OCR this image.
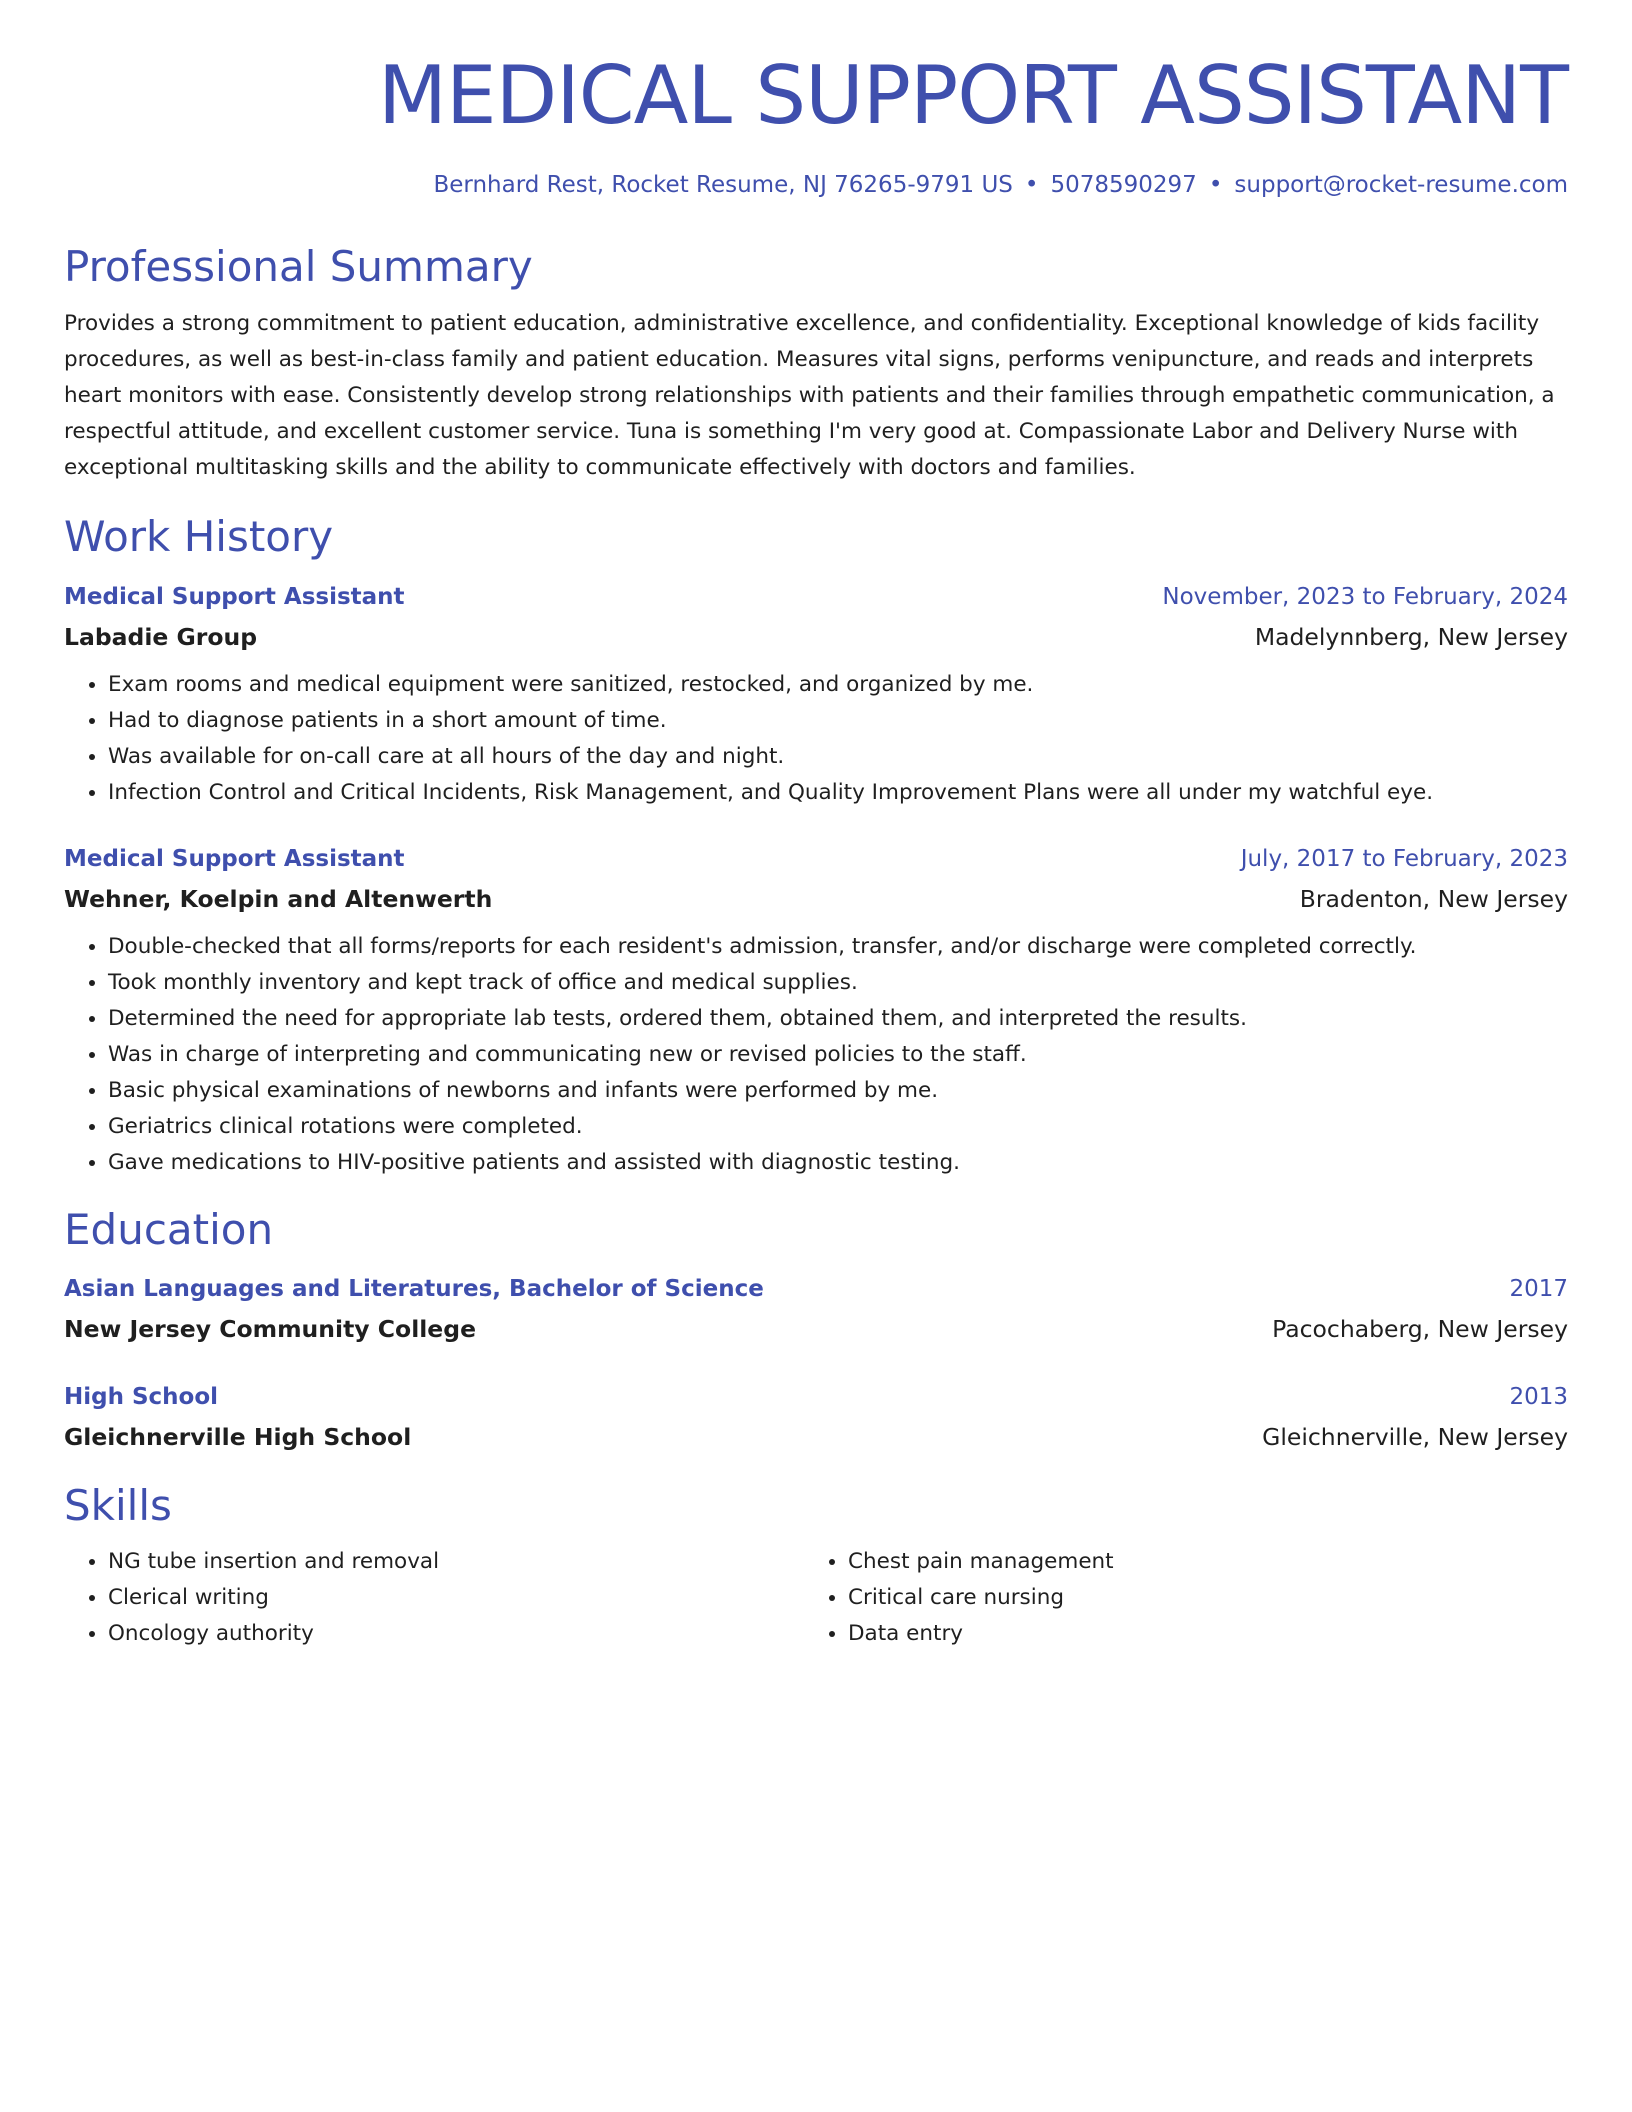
MEDICAL SUPPORT ASSISTANT
Bernhard Rest, Rocket Resume, NJ 76265-9791 US • 5078590297 • support@rocket-resume.com
Professional Summary
Provides a strong commitment to patient education, administrative excellence, and confidentiality. Exceptional knowledge of kids facility procedures, as well as best-in-class family and patient education. Measures vital signs, performs venipuncture, and reads and interprets heart monitors with ease. Consistently develop strong relationships with patients and their families through empathetic communication, a respectful attitude, and excellent customer service. Tuna is something I'm very good at. Compassionate Labor and Delivery Nurse with exceptional multitasking skills and the ability to communicate effectively with doctors and families.
Work History
Medical Support Assistant	November, 2023 to February, 2024
Labadie Group	Madelynnberg, New Jersey
• Exam rooms and medical equipment were sanitized, restocked, and organized by me.
• Had to diagnose patients in a short amount of time.
• Was available for on-call care at all hours of the day and night.
• Infection Control and Critical Incidents, Risk Management, and Quality Improvement Plans were all under my watchful eye.
Medical Support Assistant	July, 2017 to February, 2023
Wehner, Koelpin and Altenwerth	Bradenton, New Jersey
• Double-checked that all forms/reports for each resident's admission, transfer, and/or discharge were completed correctly.
• Took monthly inventory and kept track of office and medical supplies.
• Determined the need for appropriate lab tests, ordered them, obtained them, and interpreted the results.
• Was in charge of interpreting and communicating new or revised policies to the staff.
• Basic physical examinations of newborns and infants were performed by me.
• Geriatrics clinical rotations were completed.
• Gave medications to HIV-positive patients and assisted with diagnostic testing.
Education
Asian Languages and Literatures, Bachelor of Science	2017
New Jersey Community College	Pacochaberg, New Jersey
High School	2013
Gleichnerville High School	Gleichnerville, New Jersey
Skills
• NG tube insertion and removal
• Clerical writing
• Oncology authority
• Chest pain management
• Critical care nursing
• Data entry
